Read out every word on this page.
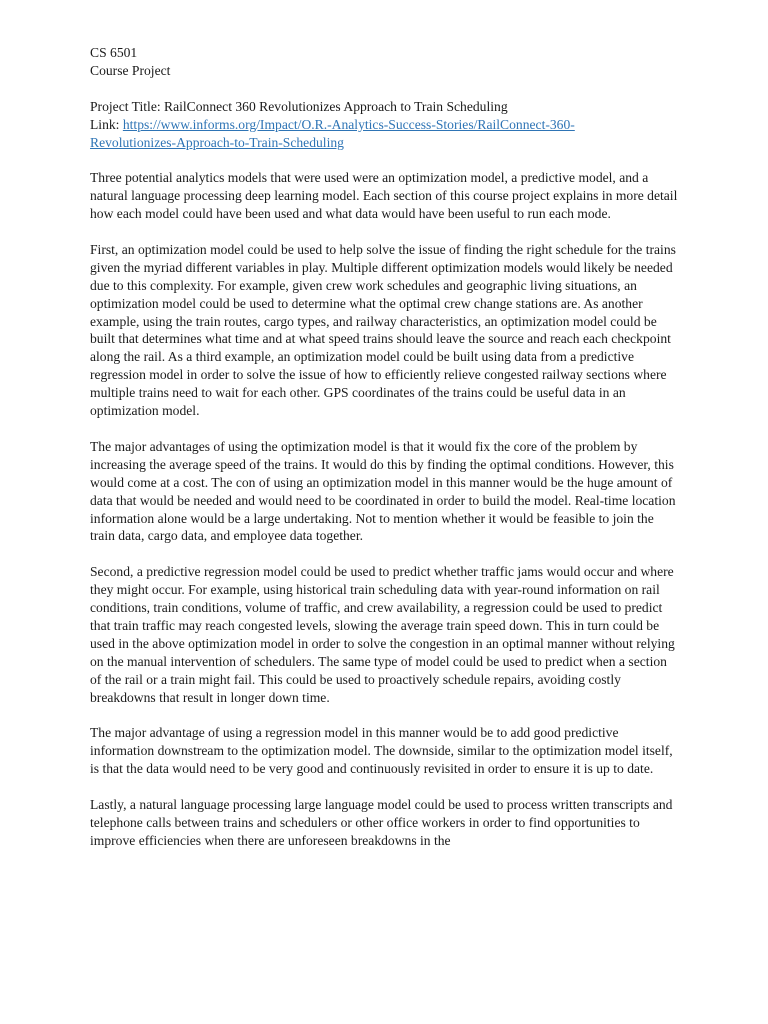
CS 6501
Course Project

Project Title: RailConnect 360 Revolutionizes Approach to Train Scheduling
Link: https://www.informs.org/Impact/O.R.-Analytics-Success-Stories/RailConnect-360-
Revolutionizes-Approach-to-Train-Scheduling

Three potential analytics models that were used were an optimization model, a predictive model, and a natural language processing deep learning model. Each section of this course project explains in more detail how each model could have been used and what data would have been useful to run each mode.

First, an optimization model could be used to help solve the issue of finding the right schedule for the trains given the myriad different variables in play. Multiple different optimization models would likely be needed due to this complexity. For example, given crew work schedules and geographic living situations, an optimization model could be used to determine what the optimal crew change stations are. As another example, using the train routes, cargo types, and railway characteristics, an optimization model could be built that determines what time and at what speed trains should leave the source and reach each checkpoint along the rail. As a third example, an optimization model could be built using data from a predictive regression model in order to solve the issue of how to efficiently relieve congested railway sections where multiple trains need to wait for each other. GPS coordinates of the trains could be useful data in an optimization model.

The major advantages of using the optimization model is that it would fix the core of the problem by increasing the average speed of the trains. It would do this by finding the optimal conditions. However, this would come at a cost. The con of using an optimization model in this manner would be the huge amount of data that would be needed and would need to be coordinated in order to build the model. Real-time location information alone would be a large undertaking. Not to mention whether it would be feasible to join the train data, cargo data, and employee data together.

Second, a predictive regression model could be used to predict whether traffic jams would occur and where they might occur. For example, using historical train scheduling data with year-round information on rail conditions, train conditions, volume of traffic, and crew availability, a regression could be used to predict that train traffic may reach congested levels, slowing the average train speed down. This in turn could be used in the above optimization model in order to solve the congestion in an optimal manner without relying on the manual intervention of schedulers. The same type of model could be used to predict when a section of the rail or a train might fail. This could be used to proactively schedule repairs, avoiding costly breakdowns that result in longer down time.

The major advantage of using a regression model in this manner would be to add good predictive information downstream to the optimization model. The downside, similar to the optimization model itself, is that the data would need to be very good and continuously revisited in order to ensure it is up to date.

Lastly, a natural language processing large language model could be used to process written transcripts and telephone calls between trains and schedulers or other office workers in order to find opportunities to improve efficiencies when there are unforeseen breakdowns in the
